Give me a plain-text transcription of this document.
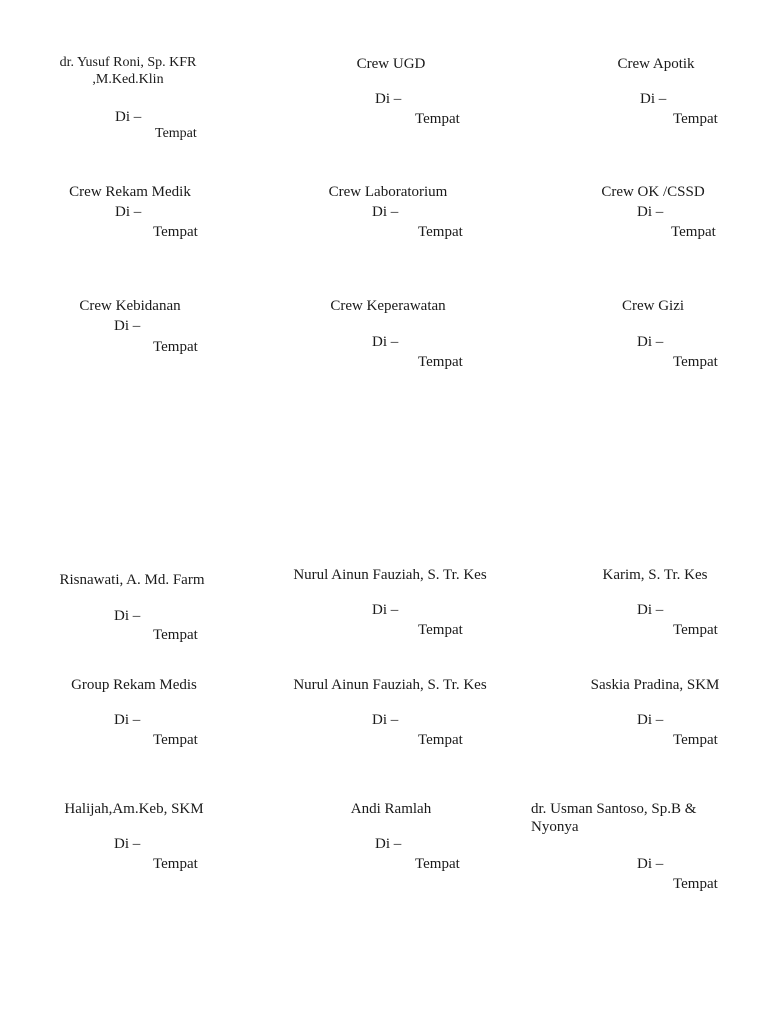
dr. Yusuf Roni, Sp. KFR ,M.Ked.Klin
Di –
Tempat
Crew UGD
Di –
Tempat
Crew Apotik
Di –
Tempat
Crew Rekam Medik
Di –
Tempat
Crew Laboratorium
Di –
Tempat
Crew OK /CSSD
Di –
Tempat
Crew Kebidanan
Di –
Tempat
Crew Keperawatan
Di –
Tempat
Crew Gizi
Di –
Tempat
Risnawati, A. Md. Farm
Di –
Tempat
Nurul Ainun Fauziah, S. Tr. Kes
Di –
Tempat
Karim, S. Tr. Kes
Di –
Tempat
Group Rekam Medis
Di –
Tempat
Nurul Ainun Fauziah, S. Tr. Kes
Di –
Tempat
Saskia Pradina, SKM
Di –
Tempat
Halijah,Am.Keb, SKM
Di –
Tempat
Andi Ramlah
Di –
Tempat
dr. Usman Santoso, Sp.B & Nyonya
Di –
Tempat
